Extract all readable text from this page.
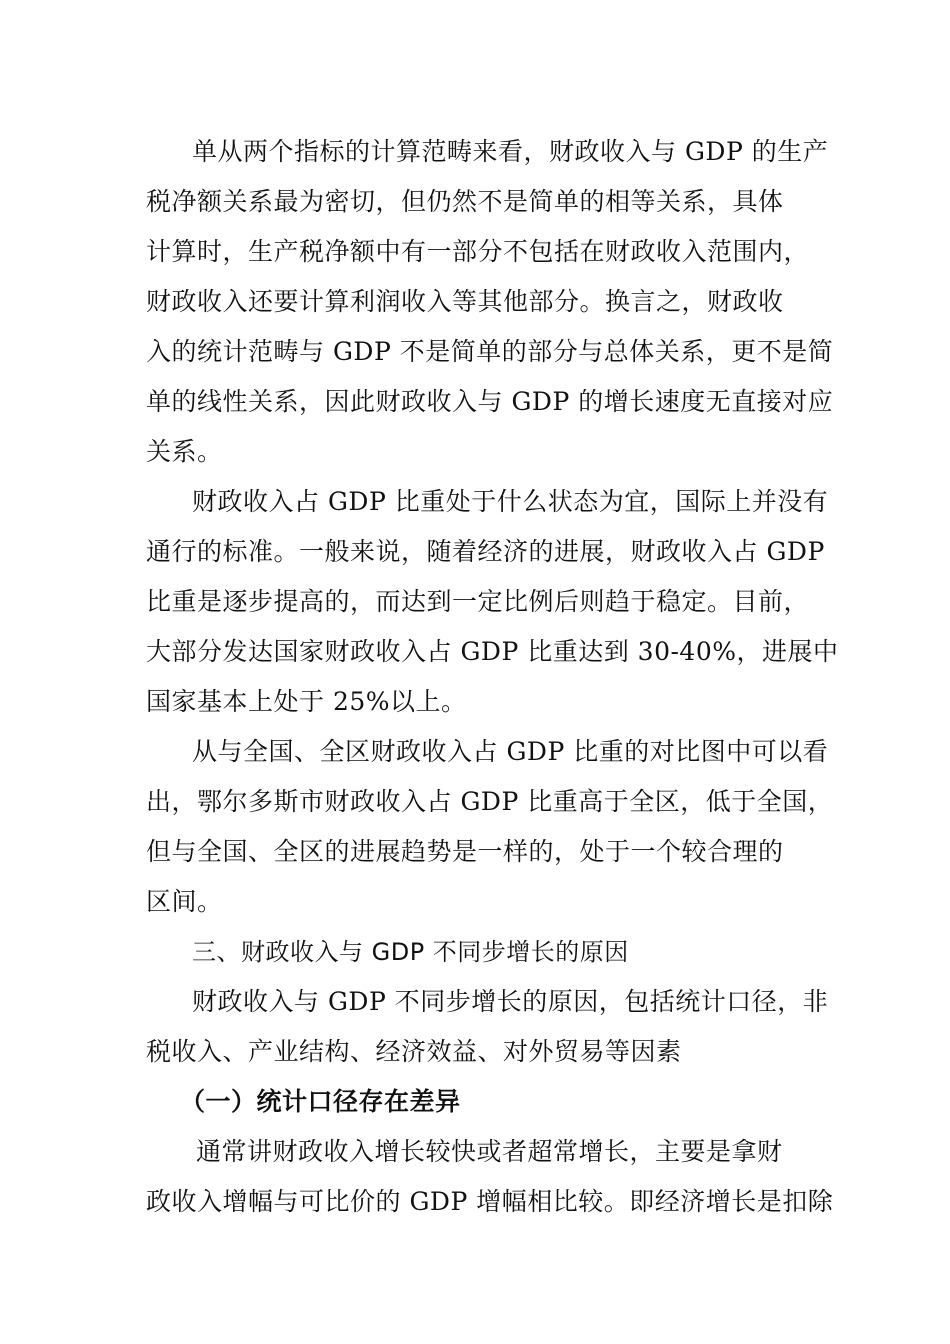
单从两个指标的计算范畴来看，财政收入与 GDP 的生产
税净额关系最为密切，但仍然不是简单的相等关系，具体
计算时，生产税净额中有一部分不包括在财政收入范围内，
财政收入还要计算利润收入等其他部分。换言之，财政收
入的统计范畴与 GDP 不是简单的部分与总体关系，更不是简
单的线性关系，因此财政收入与 GDP 的增长速度无直接对应
关系。
财政收入占 GDP 比重处于什么状态为宜，国际上并没有
通行的标准。一般来说，随着经济的进展，财政收入占 GDP
比重是逐步提高的，而达到一定比例后则趋于稳定。目前，
大部分发达国家财政收入占 GDP 比重达到 30-40%，进展中
国家基本上处于 25%以上。
从与全国、全区财政收入占 GDP 比重的对比图中可以看
出，鄂尔多斯市财政收入占 GDP 比重高于全区，低于全国，
但与全国、全区的进展趋势是一样的，处于一个较合理的
区间。
三、财政收入与 GDP 不同步增长的原因
财政收入与 GDP 不同步增长的原因，包括统计口径，非
税收入、产业结构、经济效益、对外贸易等因素
（一）统计口径存在差异
通常讲财政收入增长较快或者超常增长，主要是拿财
政收入增幅与可比价的 GDP 增幅相比较。即经济增长是扣除
